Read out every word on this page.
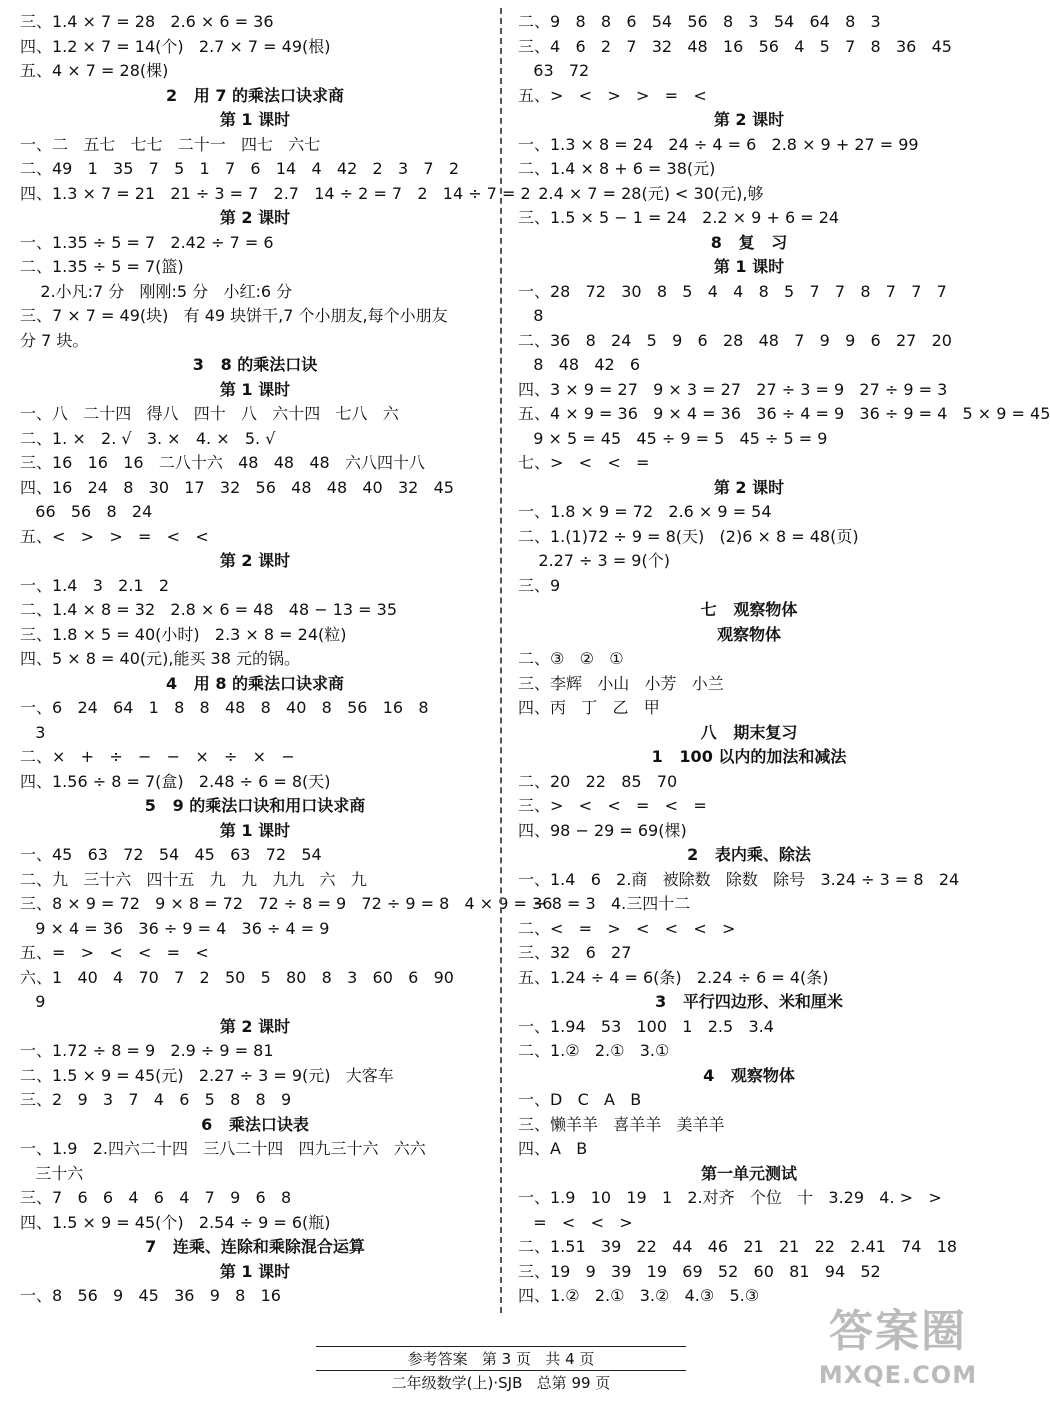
三、1.4 × 7 = 28   2.6 × 6 = 36
四、1.2 × 7 = 14(个)   2.7 × 7 = 49(根)
五、4 × 7 = 28(棵)
2   用 7 的乘法口诀求商
第 1 课时
一、二   五七   七七   二十一   四七   六七
二、49   1   35   7   5   1   7   6   14   4   42   2   3   7   2
四、1.3 × 7 = 21   21 ÷ 3 = 7   2.7   14 ÷ 2 = 7   2   14 ÷ 7 = 2
第 2 课时
一、1.35 ÷ 5 = 7   2.42 ÷ 7 = 6
二、1.35 ÷ 5 = 7(篮)
2.小凡:7 分   刚刚:5 分   小红:6 分
三、7 × 7 = 49(块)   有 49 块饼干,7 个小朋友,每个小朋友
分 7 块。
3   8 的乘法口诀
第 1 课时
一、八   二十四   得八   四十   八   六十四   七八   六
二、1. ×   2. √   3. ×   4. ×   5. √
三、16   16   16   二八十六   48   48   48   六八四十八
四、16   24   8   30   17   32   56   48   48   40   32   45
66   56   8   24
五、<   >   >   =   <   <
第 2 课时
一、1.4   3   2.1   2
二、1.4 × 8 = 32   2.8 × 6 = 48   48 − 13 = 35
三、1.8 × 5 = 40(小时)   2.3 × 8 = 24(粒)
四、5 × 8 = 40(元),能买 38 元的锅。
4   用 8 的乘法口诀求商
一、6   24   64   1   8   8   48   8   40   8   56   16   8
3
二、×   +   ÷   −   −   ×   ÷   ×   −
四、1.56 ÷ 8 = 7(盒)   2.48 ÷ 6 = 8(天)
5   9 的乘法口诀和用口诀求商
第 1 课时
一、45   63   72   54   45   63   72   54
二、九   三十六   四十五   九   九   九九   六   九
三、8 × 9 = 72   9 × 8 = 72   72 ÷ 8 = 9   72 ÷ 9 = 8   4 × 9 = 36
9 × 4 = 36   36 ÷ 9 = 4   36 ÷ 4 = 9
五、=   >   <   <   =   <
六、1   40   4   70   7   2   50   5   80   8   3   60   6   90
9
第 2 课时
一、1.72 ÷ 8 = 9   2.9 ÷ 9 = 81
二、1.5 × 9 = 45(元)   2.27 ÷ 3 = 9(元)   大客车
三、2   9   3   7   4   6   5   8   8   9
6   乘法口诀表
一、1.9   2.四六二十四   三八二十四   四九三十六   六六
三十六
三、7   6   6   4   6   4   7   9   6   8
四、1.5 × 9 = 45(个)   2.54 ÷ 9 = 6(瓶)
7   连乘、连除和乘除混合运算
第 1 课时
一、8   56   9   45   36   9   8   16
二、9   8   8   6   54   56   8   3   54   64   8   3
三、4   6   2   7   32   48   16   56   4   5   7   8   36   45
63   72
五、>   <   >   >   =   <
第 2 课时
一、1.3 × 8 = 24   24 ÷ 4 = 6   2.8 × 9 + 27 = 99
二、1.4 × 8 + 6 = 38(元)
2.4 × 7 = 28(元) < 30(元),够
三、1.5 × 5 − 1 = 24   2.2 × 9 + 6 = 24
8   复   习
第 1 课时
一、28   72   30   8   5   4   4   8   5   7   7   8   7   7   7
8
二、36   8   24   5   9   6   28   48   7   9   9   6   27   20
8   48   42   6
四、3 × 9 = 27   9 × 3 = 27   27 ÷ 3 = 9   27 ÷ 9 = 3
五、4 × 9 = 36   9 × 4 = 36   36 ÷ 4 = 9   36 ÷ 9 = 4   5 × 9 = 45
9 × 5 = 45   45 ÷ 9 = 5   45 ÷ 5 = 9
七、>   <   <   =
第 2 课时
一、1.8 × 9 = 72   2.6 × 9 = 54
二、1.(1)72 ÷ 9 = 8(天)   (2)6 × 8 = 48(页)
2.27 ÷ 3 = 9(个)
三、9
七   观察物体
观察物体
二、③   ②   ①
三、李辉   小山   小芳   小兰
四、丙   丁   乙   甲
八   期末复习
1   100 以内的加法和减法
二、20   22   85   70
三、>   <   <   =   <   =
四、98 − 29 = 69(棵)
2   表内乘、除法
一、1.4   6   2.商   被除数   除数   除号   3.24 ÷ 3 = 8   24
÷ 8 = 3   4.三四十二
二、<   =   >   <   <   <   >
三、32   6   27
五、1.24 ÷ 4 = 6(条)   2.24 ÷ 6 = 4(条)
3   平行四边形、米和厘米
一、1.94   53   100   1   2.5   3.4
二、1.②   2.①   3.①
4   观察物体
一、D   C   A   B
三、懒羊羊   喜羊羊   美羊羊
四、A   B
第一单元测试
一、1.9   10   19   1   2.对齐   个位   十   3.29   4. >   >
=   <   <   >
二、1.51   39   22   44   46   21   21   22   2.41   74   18
三、19   9   39   19   69   52   60   81   94   52
四、1.②   2.①   3.②   4.③   5.③
参考答案   第 3 页   共 4 页
二年级数学(上)·SJB   总第 99 页
答案圈
MXQE.COM
